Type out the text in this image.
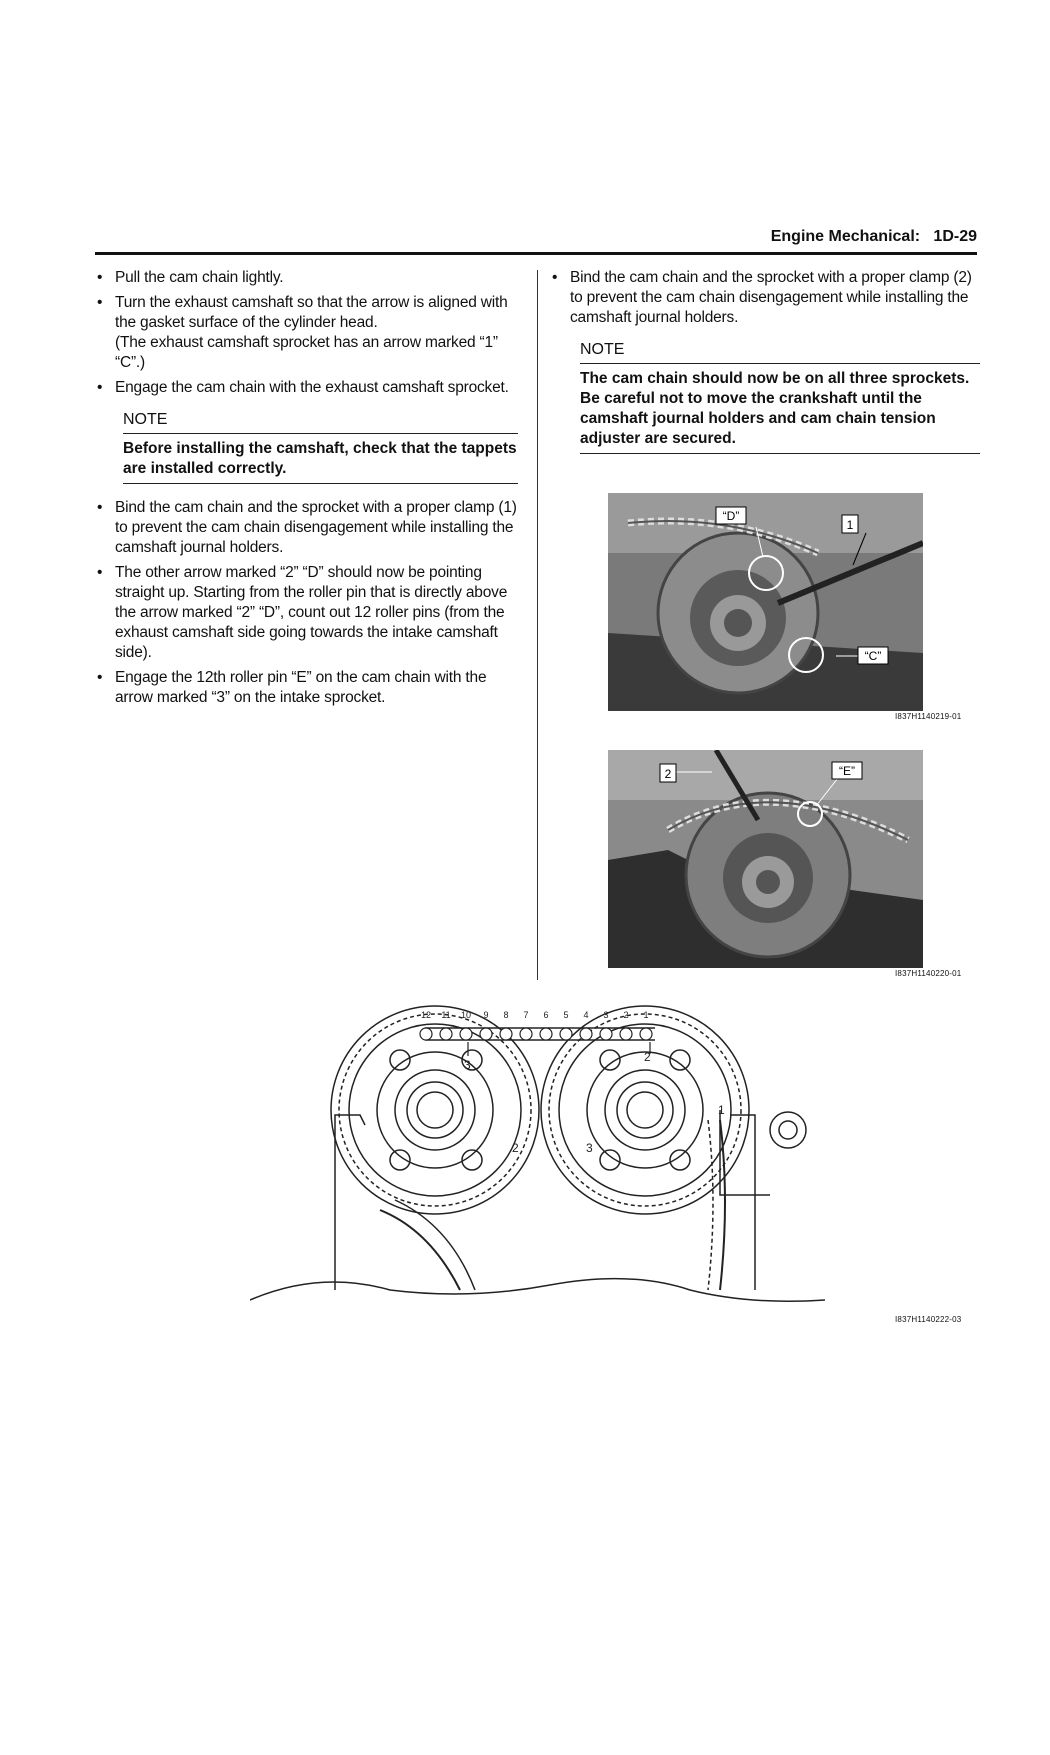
Engine Mechanical:   1D-29
• Pull the cam chain lightly.
• Turn the exhaust camshaft so that the arrow is aligned with the gasket surface of the cylinder head.
(The exhaust camshaft sprocket has an arrow marked “1” “C”.)
• Engage the cam chain with the exhaust camshaft sprocket.
NOTE
Before installing the camshaft, check that the tappets are installed correctly.
• Bind the cam chain and the sprocket with a proper clamp (1) to prevent the cam chain disengagement while installing the camshaft journal holders.
• The other arrow marked “2” “D” should now be pointing straight up. Starting from the roller pin that is directly above the arrow marked “2” “D”, count out 12 roller pins (from the exhaust camshaft side going towards the intake camshaft side).
• Engage the 12th roller pin “E” on the cam chain with the arrow marked “3” on the intake sprocket.
• Bind the cam chain and the sprocket with a proper clamp (2) to prevent the cam chain disengagement while installing the camshaft journal holders.
NOTE
The cam chain should now be on all three sprockets. Be careful not to move the crankshaft until the camshaft journal holders and cam chain tension adjuster are secured.
“D”
1
“C”
I837H1140219-01
2	“E”
I837H1140220-01
12 11 10 9 8 7 6 5 4 3 2 1
3
2
1
2	3
I837H1140222-03
